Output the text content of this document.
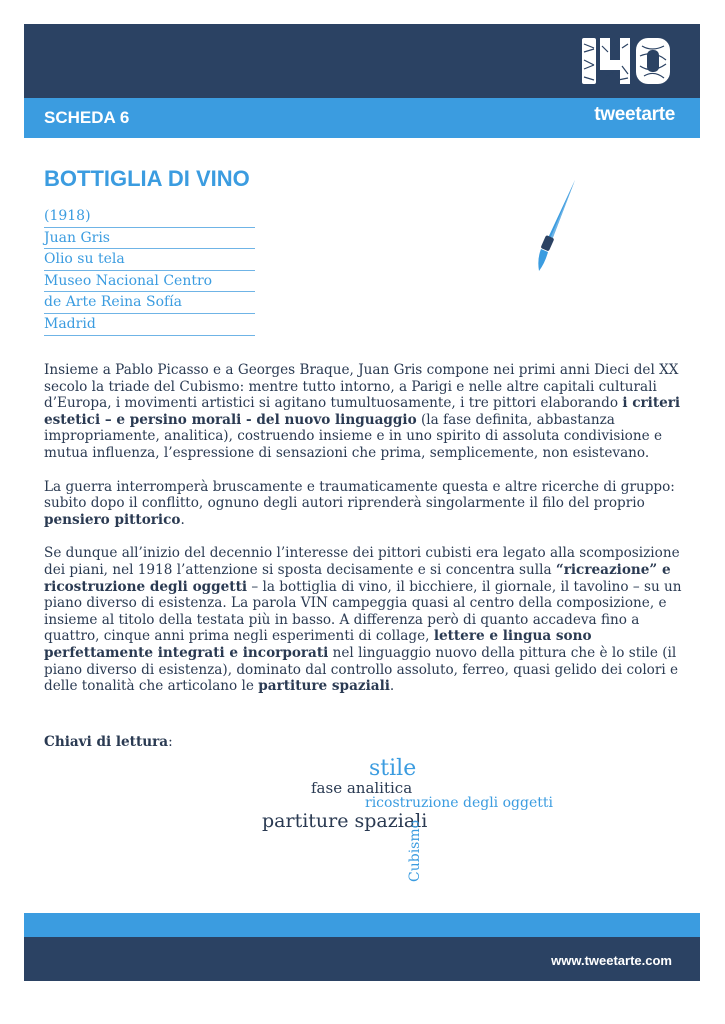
SCHEDA 6	tweetarte
BOTTIGLIA DI VINO
(1918)
Juan Gris
Olio su tela
Museo Nacional Centro
de Arte Reina Sofía
Madrid

Insieme a Pablo Picasso e a Georges Braque, Juan Gris compone nei primi anni Dieci del XX secolo la triade del Cubismo: mentre tutto intorno, a Parigi e nelle altre capitali culturali d’Europa, i movimenti artistici si agitano tumultuosamente, i tre pittori elaborando i criteri estetici – e persino morali - del nuovo linguaggio (la fase definita, abbastanza impropriamente, analitica), costruendo insieme e in uno spirito di assoluta condivisione e mutua influenza, l’espressione di sensazioni che prima, semplicemente, non esistevano.

La guerra interromperà bruscamente e traumaticamente questa e altre ricerche di gruppo: subito dopo il conflitto, ognuno degli autori riprenderà singolarmente il filo del proprio pensiero pittorico.

Se dunque all’inizio del decennio l’interesse dei pittori cubisti era legato alla scomposizione dei piani, nel 1918 l’attenzione si sposta decisamente e si concentra sulla “ricreazione” e ricostruzione degli oggetti – la bottiglia di vino, il bicchiere, il giornale, il tavolino – su un piano diverso di esistenza. La parola VIN campeggia quasi al centro della composizione, e insieme al titolo della testata più in basso. A differenza però di quanto accadeva fino a quattro, cinque anni prima negli esperimenti di collage, lettere e lingua sono perfettamente integrati e incorporati nel linguaggio nuovo della pittura che è lo stile (il piano diverso di esistenza), dominato dal controllo assoluto, ferreo, quasi gelido dei colori e delle tonalità che articolano le partiture spaziali.

Chiavi di lettura:
stile
fase analitica
ricostruzione degli oggetti
partiture spaziali
Cubismo
www.tweetarte.com
